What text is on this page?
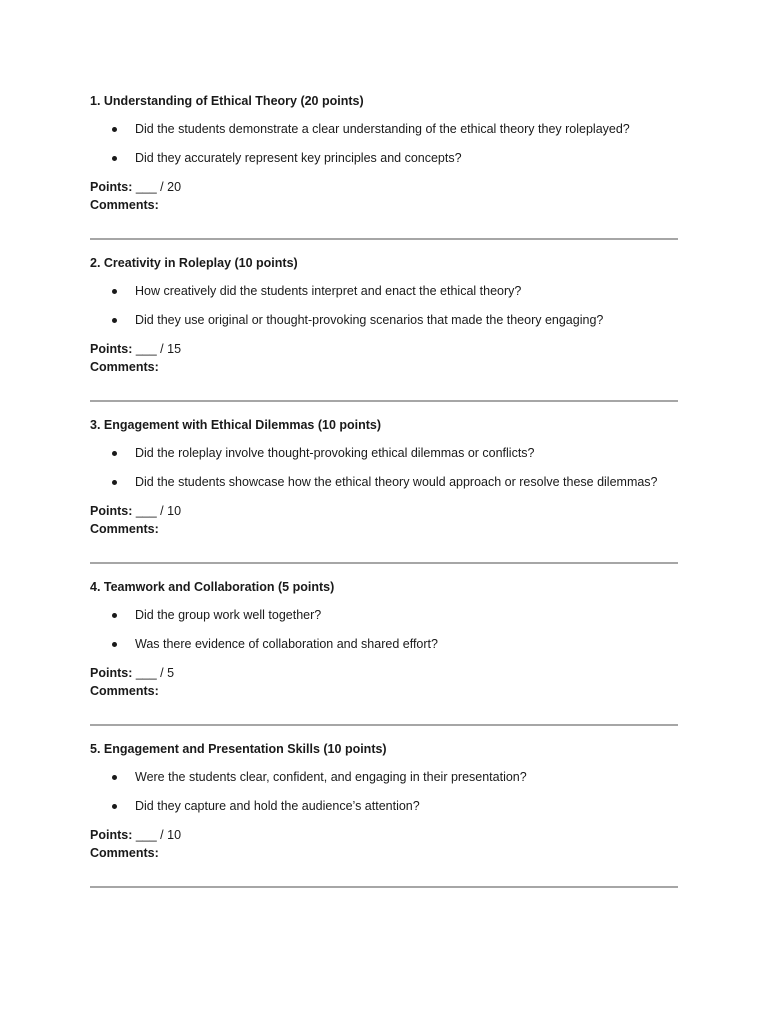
1. Understanding of Ethical Theory (20 points)

Did the students demonstrate a clear understanding of the ethical theory they roleplayed?
Did they accurately represent key principles and concepts?
Points: ___ / 20
Comments:

2. Creativity in Roleplay (10 points)

How creatively did the students interpret and enact the ethical theory?
Did they use original or thought-provoking scenarios that made the theory engaging?
Points: ___ / 15
Comments:

3. Engagement with Ethical Dilemmas (10 points)

Did the roleplay involve thought-provoking ethical dilemmas or conflicts?
Did the students showcase how the ethical theory would approach or resolve these dilemmas?
Points: ___ / 10
Comments:

4. Teamwork and Collaboration (5 points)

Did the group work well together?
Was there evidence of collaboration and shared effort?
Points: ___ / 5
Comments:

5. Engagement and Presentation Skills (10 points)

Were the students clear, confident, and engaging in their presentation?
Did they capture and hold the audience’s attention?
Points: ___ / 10
Comments:
